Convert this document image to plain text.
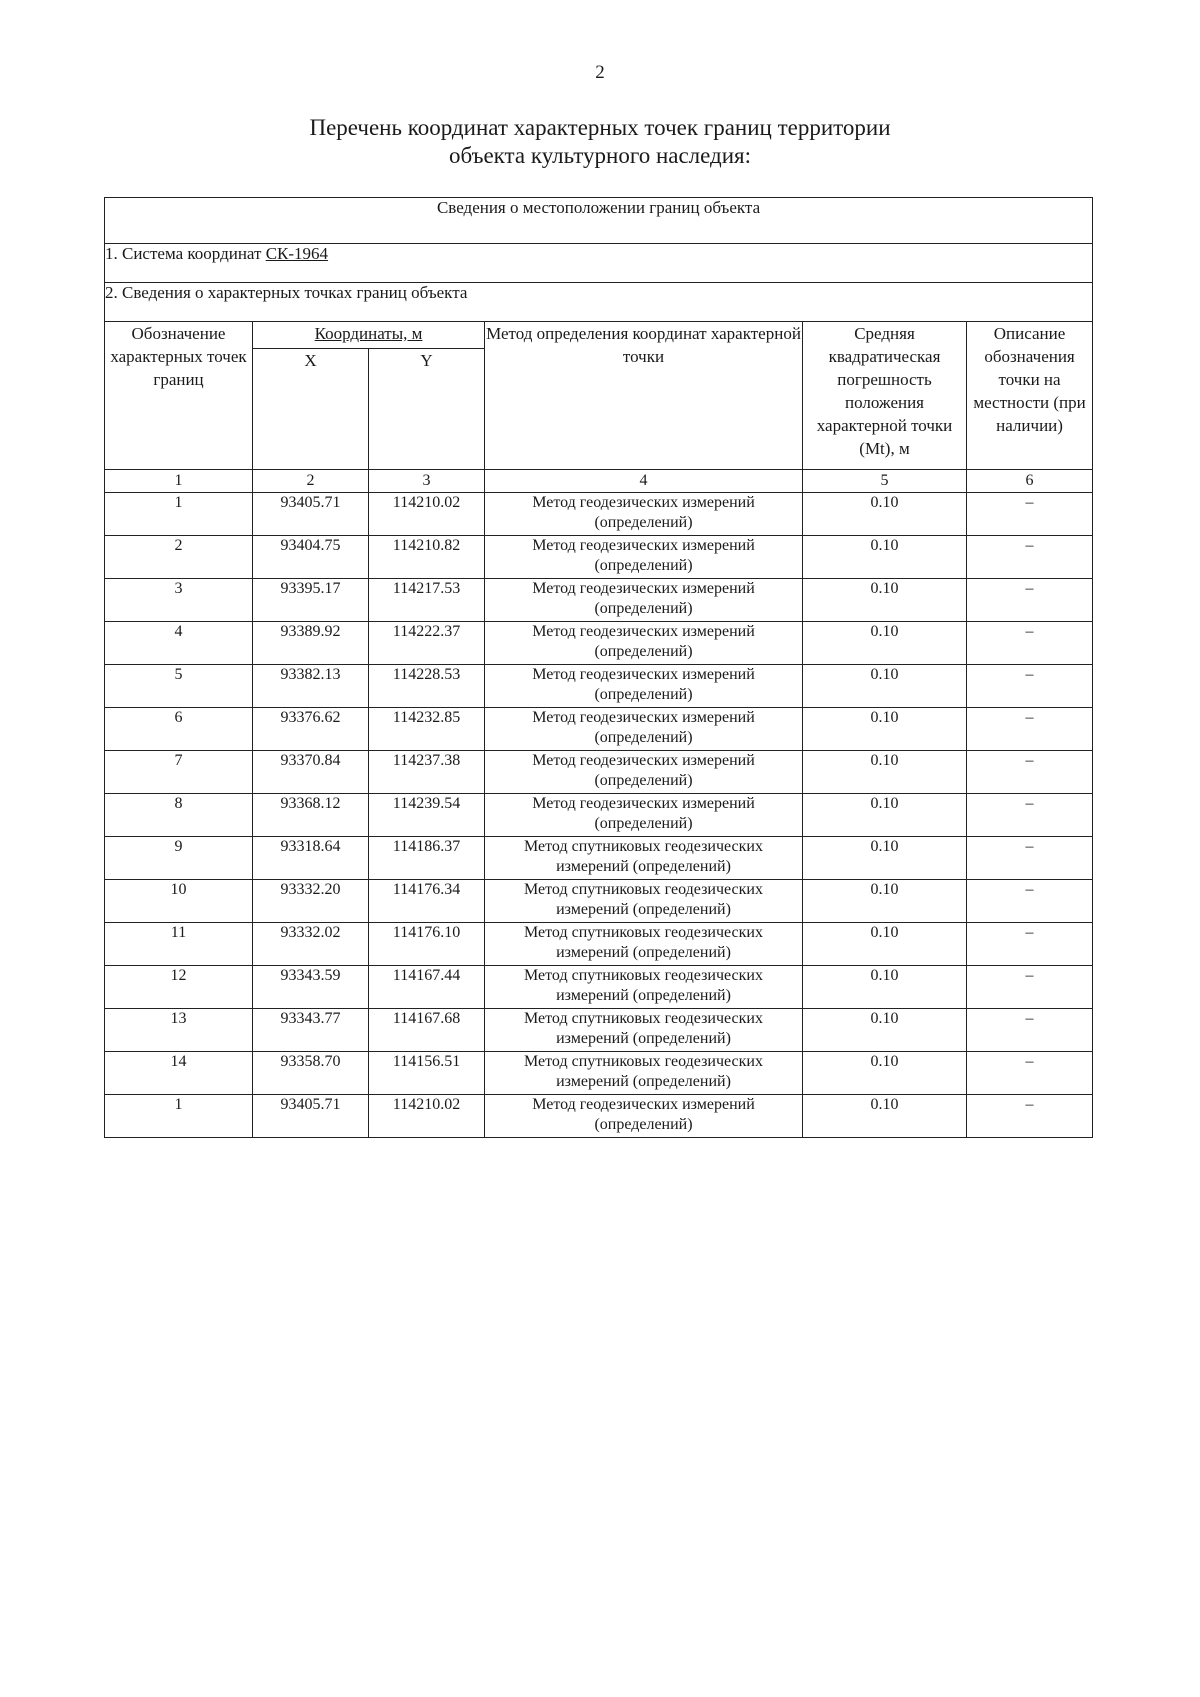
2
Перечень координат характерных точек границ территории
объекта культурного наследия:
Сведения о местоположении границ объекта					
1. Система координат СК-1964					
2. Сведения о характерных точках границ объекта					
Обозначение характерных точек границ	Координаты, м		Метод определения координат характерной точки	Средняя квадратическая погрешность положения характерной точки (Mt), м	Описание обозначения точки на местности (при наличии)
	X	Y			
1	2	3	4	5	6
1	93405.71	114210.02	Метод геодезических измерений (определений)	0.10	–
2	93404.75	114210.82	Метод геодезических измерений (определений)	0.10	–
3	93395.17	114217.53	Метод геодезических измерений (определений)	0.10	–
4	93389.92	114222.37	Метод геодезических измерений (определений)	0.10	–
5	93382.13	114228.53	Метод геодезических измерений (определений)	0.10	–
6	93376.62	114232.85	Метод геодезических измерений (определений)	0.10	–
7	93370.84	114237.38	Метод геодезических измерений (определений)	0.10	–
8	93368.12	114239.54	Метод геодезических измерений (определений)	0.10	–
9	93318.64	114186.37	Метод спутниковых геодезических измерений (определений)	0.10	–
10	93332.20	114176.34	Метод спутниковых геодезических измерений (определений)	0.10	–
11	93332.02	114176.10	Метод спутниковых геодезических измерений (определений)	0.10	–
12	93343.59	114167.44	Метод спутниковых геодезических измерений (определений)	0.10	–
13	93343.77	114167.68	Метод спутниковых геодезических измерений (определений)	0.10	–
14	93358.70	114156.51	Метод спутниковых геодезических измерений (определений)	0.10	–
1	93405.71	114210.02	Метод геодезических измерений (определений)	0.10	–
